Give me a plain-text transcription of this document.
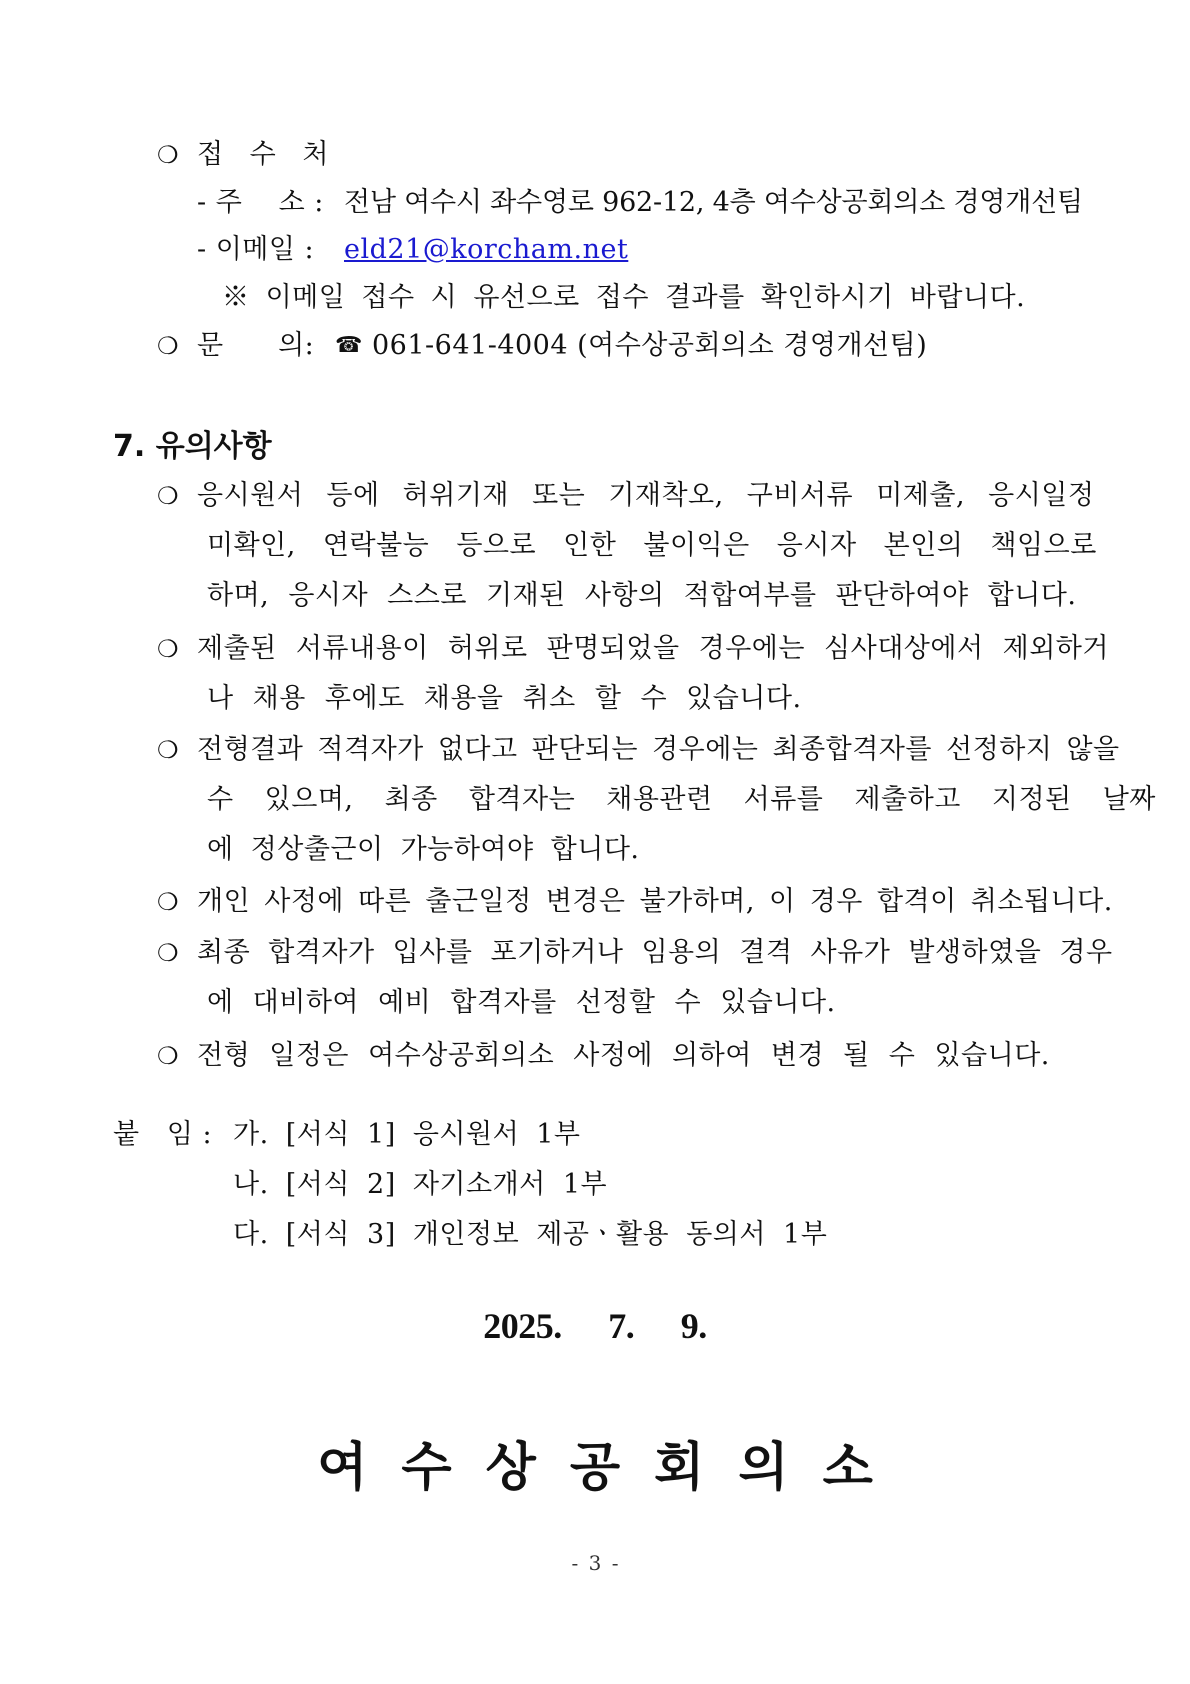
❍ 접 수 처
- 주    소 : 전남 여수시 좌수영로 962-12, 4층 여수상공회의소 경영개선팀
- 이메일 : eld21@korcham.net
※ 이메일 접수 시 유선으로 접수 결과를 확인하시기 바랍니다.
❍ 문      의: ☎ 061-641-4004 (여수상공회의소 경영개선팀)
7. 유의사항
❍ 응시원서 등에 허위기재 또는 기재착오, 구비서류 미제출, 응시일정
미확인, 연락불능 등으로 인한 불이익은 응시자 본인의 책임으로
하며, 응시자 스스로 기재된 사항의 적합여부를 판단하여야 합니다.
❍ 제출된 서류내용이 허위로 판명되었을 경우에는 심사대상에서 제외하거
나 채용 후에도 채용을 취소 할 수 있습니다.
❍ 전형결과 적격자가 없다고 판단되는 경우에는 최종합격자를 선정하지 않을
수 있으며, 최종 합격자는 채용관련 서류를 제출하고 지정된 날짜
에 정상출근이 가능하여야 합니다.
❍ 개인 사정에 따른 출근일정 변경은 불가하며, 이 경우 합격이 취소됩니다.
❍ 최종 합격자가 입사를 포기하거나 임용의 결격 사유가 발생하였을 경우
에 대비하여 예비 합격자를 선정할 수 있습니다.
❍ 전형 일정은 여수상공회의소 사정에 의하여 변경 될 수 있습니다.
붙   임 : 가. [서식 1] 응시원서 1부
나. [서식 2] 자기소개서 1부
다. [서식 3] 개인정보 제공ㆍ활용 동의서 1부
2025. 7. 9.
여수상공회의소
- 3 -
